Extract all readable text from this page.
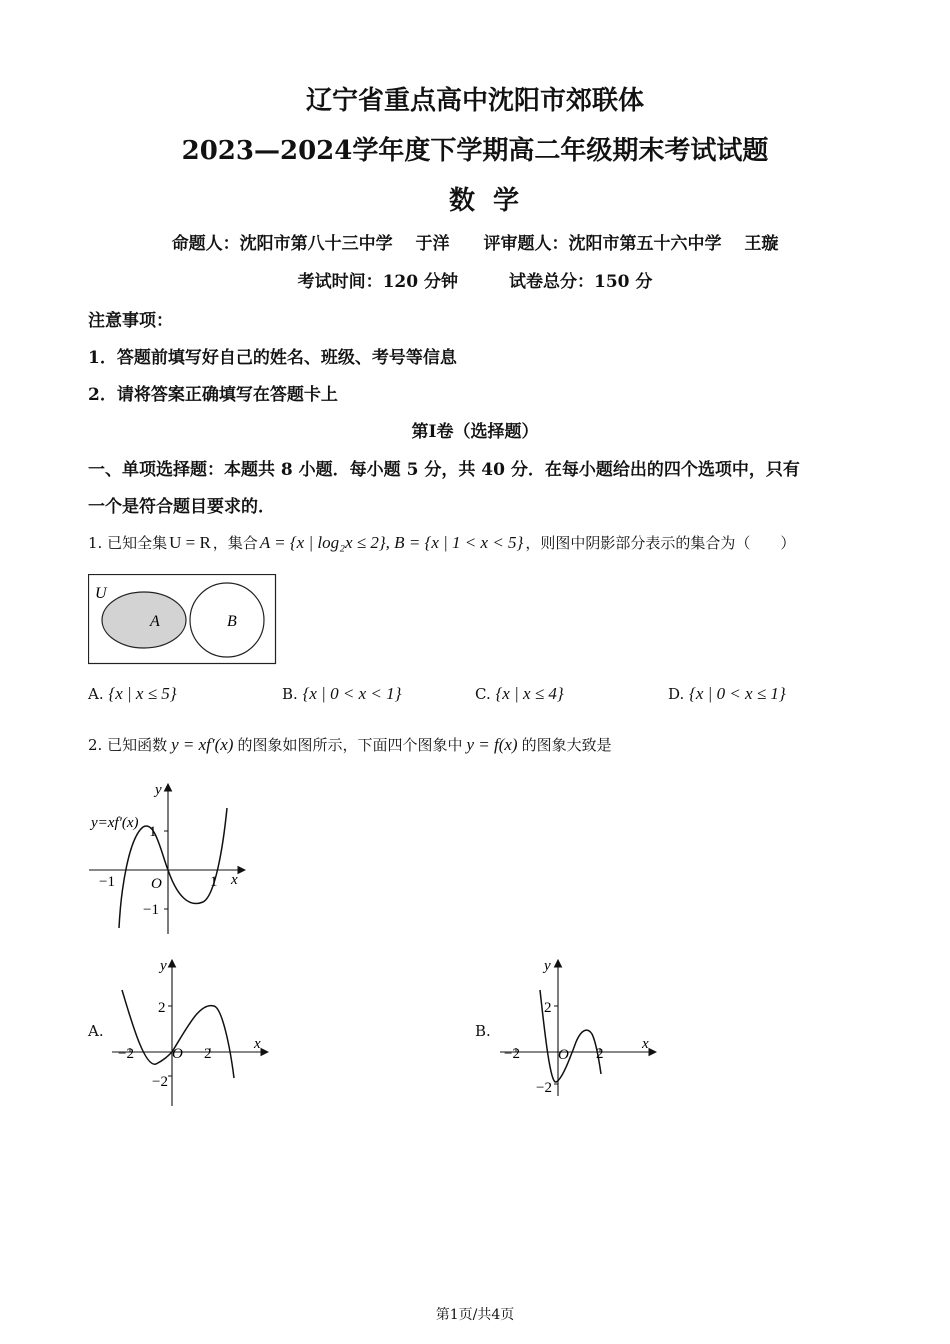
辽宁省重点高中沈阳市郊联体
2023—2024学年度下学期高二年级期末考试试题
数学
命题人：沈阳市第八十三中学　 于洋　　评审题人：沈阳市第五十六中学　 王璇
考试时间：120 分钟　　　试卷总分：150 分
注意事项：
1．答题前填写好自己的姓名、班级、考号等信息
2．请将答案正确填写在答题卡上
第Ⅰ卷（选择题）
一、单项选择题：本题共 8 小题．每小题 5 分，共 40 分．在每小题给出的四个选项中，只有
一个是符合题目要求的．
1. 已知全集 U = R ，集合 A = {x | log₂x ≤ 2}, B = {x | 1 < x < 5} ，则图中阴影部分表示的集合为（　　）
U
A	B
A. {x | x ≤ 5}	B. {x | 0 < x < 1}	C. {x | x ≤ 4}	D. {x | 0 < x ≤ 1}
2. 已知函数 y = xf′(x) 的图象如图所示，下面四个图象中 y = f(x) 的图象大致是
y=xf′(x)
y
x
O
−1	1
1
−1
A.
y
x
O
−2	2
2
−2
B.
y
x
O
−2	2
2
−2
第1页/共4页
